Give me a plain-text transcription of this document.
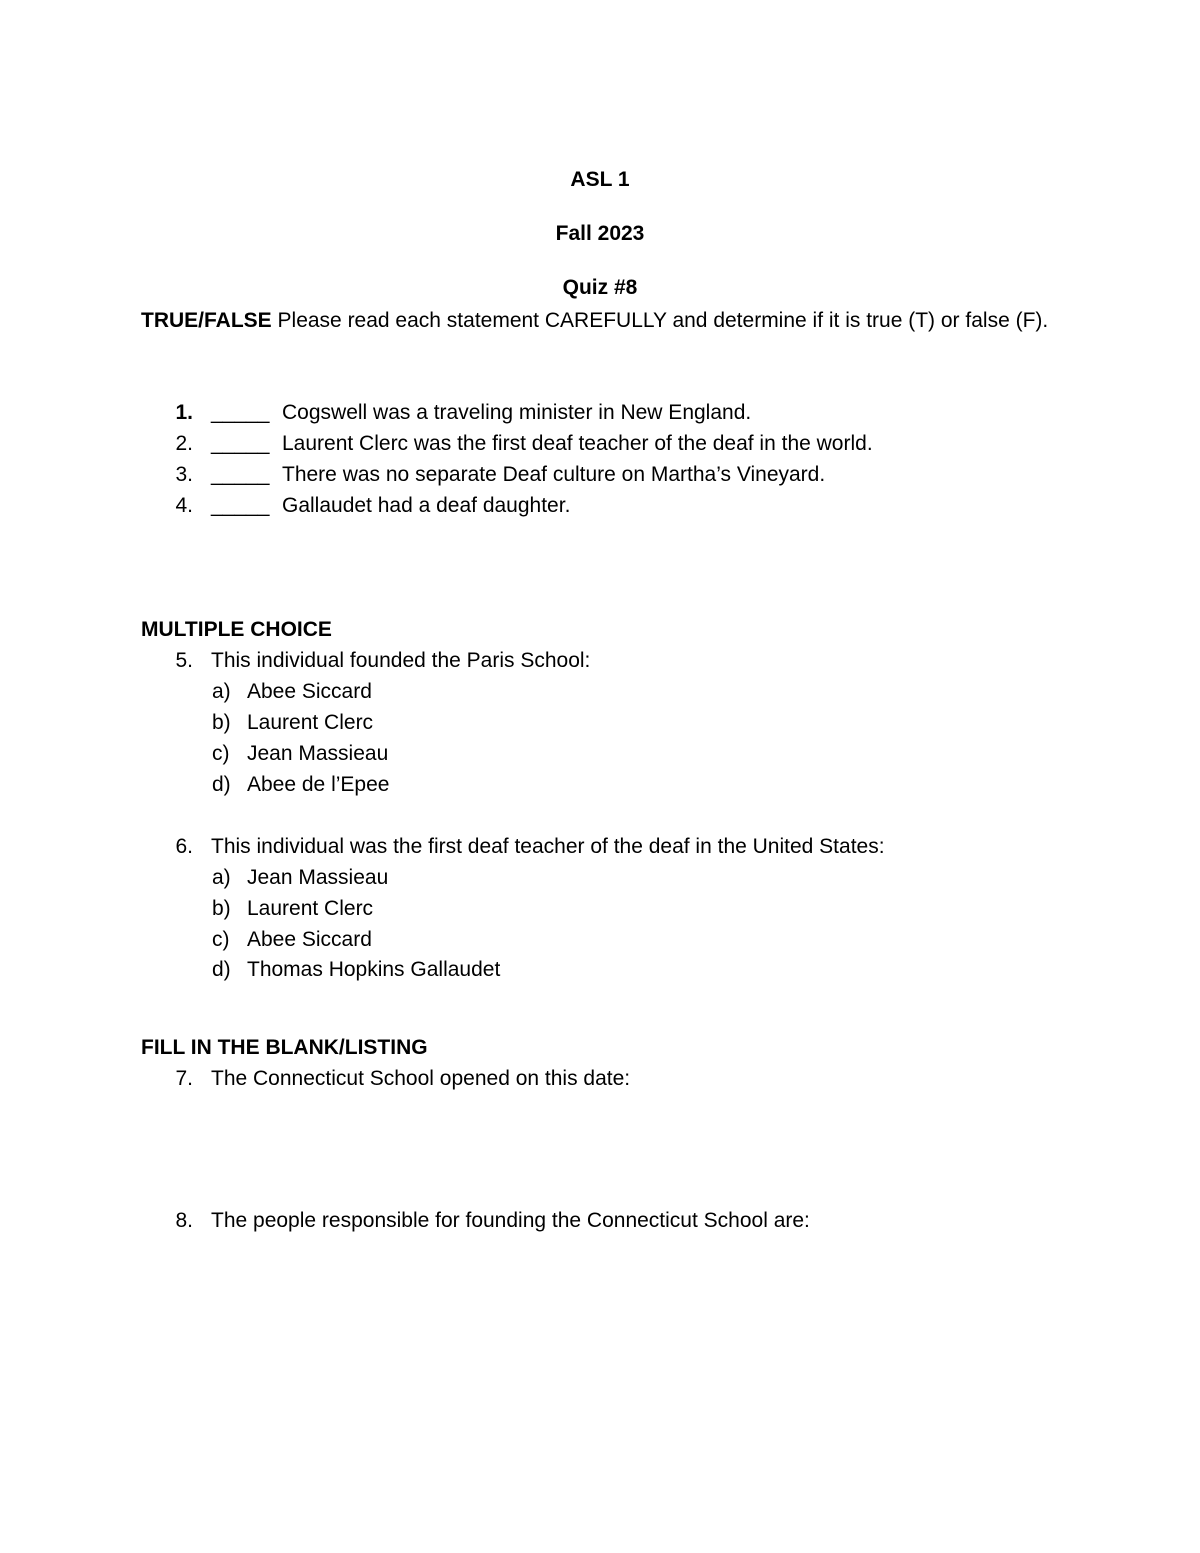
ASL 1
Fall 2023
Quiz #8
TRUE/FALSE Please read each statement CAREFULLY and determine if it is true (T) or false (F).
1. _____ Cogswell was a traveling minister in New England.
2. _____ Laurent Clerc was the first deaf teacher of the deaf in the world.
3. _____ There was no separate Deaf culture on Martha’s Vineyard.
4. _____ Gallaudet had a deaf daughter.
MULTIPLE CHOICE
5. This individual founded the Paris School:
a) Abee Siccard
b) Laurent Clerc
c) Jean Massieau
d) Abee de l’Epee
6. This individual was the first deaf teacher of the deaf in the United States:
a) Jean Massieau
b) Laurent Clerc
c) Abee Siccard
d) Thomas Hopkins Gallaudet
FILL IN THE BLANK/LISTING
7. The Connecticut School opened on this date:
8. The people responsible for founding the Connecticut School are:
